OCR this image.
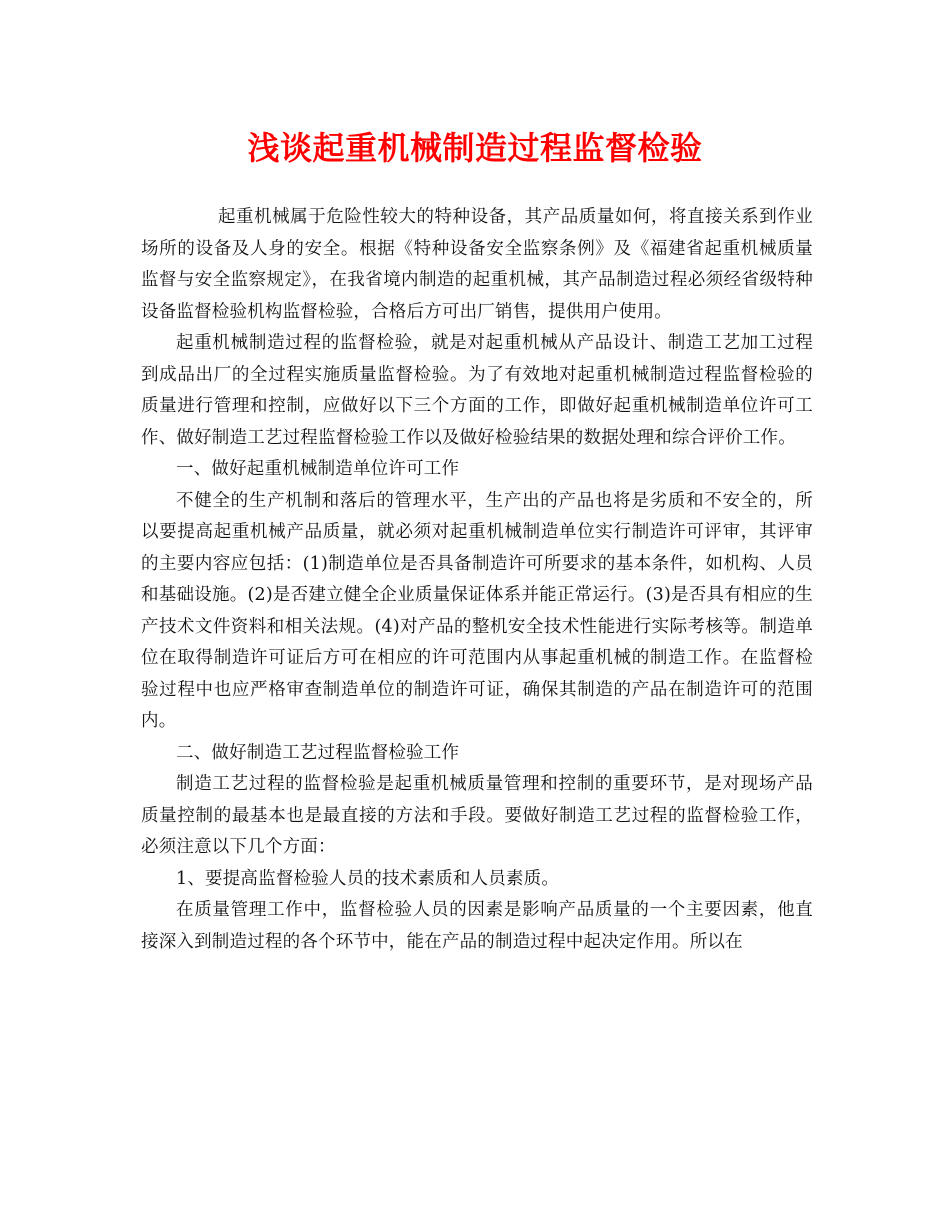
浅谈起重机械制造过程监督检验

起重机械属于危险性较大的特种设备，其产品质量如何，将直接关系到作业场所的设备及人身的安全。根据《特种设备安全监察条例》及《福建省起重机械质量监督与安全监察规定》，在我省境内制造的起重机械，其产品制造过程必须经省级特种设备监督检验机构监督检验，合格后方可出厂销售，提供用户使用。

起重机械制造过程的监督检验，就是对起重机械从产品设计、制造工艺加工过程到成品出厂的全过程实施质量监督检验。为了有效地对起重机械制造过程监督检验的质量进行管理和控制，应做好以下三个方面的工作，即做好起重机械制造单位许可工作、做好制造工艺过程监督检验工作以及做好检验结果的数据处理和综合评价工作。

一、做好起重机械制造单位许可工作

不健全的生产机制和落后的管理水平，生产出的产品也将是劣质和不安全的，所以要提高起重机械产品质量，就必须对起重机械制造单位实行制造许可评审，其评审的主要内容应包括：(1)制造单位是否具备制造许可所要求的基本条件，如机构、人员和基础设施。(2)是否建立健全企业质量保证体系并能正常运行。(3)是否具有相应的生产技术文件资料和相关法规。(4)对产品的整机安全技术性能进行实际考核等。制造单位在取得制造许可证后方可在相应的许可范围内从事起重机械的制造工作。在监督检验过程中也应严格审查制造单位的制造许可证，确保其制造的产品在制造许可的范围内。

二、做好制造工艺过程监督检验工作

制造工艺过程的监督检验是起重机械质量管理和控制的重要环节，是对现场产品质量控制的最基本也是最直接的方法和手段。要做好制造工艺过程的监督检验工作，必须注意以下几个方面：

1、要提高监督检验人员的技术素质和人员素质。

在质量管理工作中，监督检验人员的因素是影响产品质量的一个主要因素，他直接深入到制造过程的各个环节中，能在产品的制造过程中起决定作用。所以在
